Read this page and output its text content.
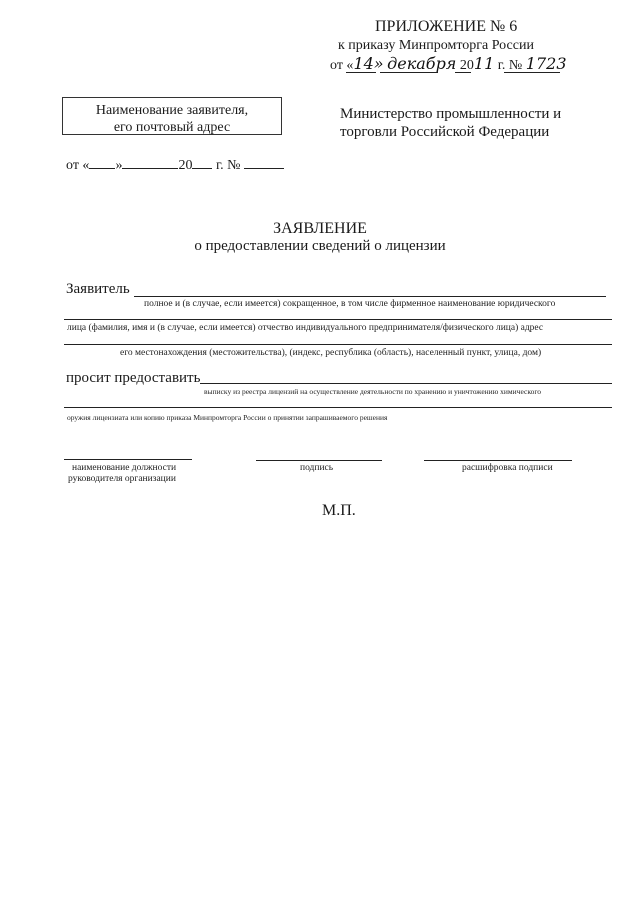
ПРИЛОЖЕНИЕ № 6
к приказу Минпромторга России
от «14» декабря 2011 г. № 1723
Наименование заявителя,
его почтовый адрес
Министерство промышленности и
торговли Российской Федерации
от « »	20 г. №
ЗАЯВЛЕНИЕ
о предоставлении сведений о лицензии
Заявитель
полное и (в случае, если имеется) сокращенное, в том числе фирменное наименование юридического
лица (фамилия, имя и (в случае, если имеется) отчество индивидуального предпринимателя/физического лица) адрес
его местонахождения (местожительства), (индекс, республика (область), населенный пункт, улица, дом)
просит предоставить
выписку из реестра лицензий на осуществление деятельности по хранению и уничтожению химического
оружия лицензиата или копию приказа Минпромторга России о принятии запрашиваемого решения
наименование должности
руководителя организации
подпись	расшифровка подписи
М.П.
